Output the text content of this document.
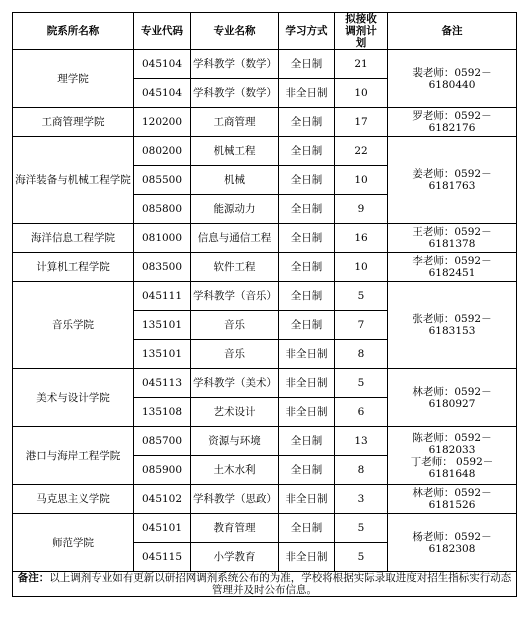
院系所名称	专业代码	专业名称	学习方式	拟接收调剂计划	备注
理学院	045104	学科教学（数学）	全日制	21	裴老师：0592－6180440

	045104	学科教学（数学）	非全日制	10	
工商管理学院	120200	工商管理	全日制	17	罗老师：0592－6182176

海洋装备与机械工程学院	080200	机械工程	全日制	22	姜老师：0592－6181763

	085500	机械	全日制	10	
	085800	能源动力	全日制	9	
海洋信息工程学院	081000	信息与通信工程	全日制	16	王老师：0592－6181378

计算机工程学院	083500	软件工程	全日制	10	李老师：0592－6182451

音乐学院	045111	学科教学（音乐）	全日制	5	张老师：0592－6183153

	135101	音乐	全日制	7	
	135101	音乐	非全日制	8	
美术与设计学院	045113	学科教学（美术）	非全日制	5	林老师：0592－6180927

	135108	艺术设计	非全日制	6	
港口与海岸工程学院	085700	资源与环境	全日制	13	陈老师：0592－6182033
丁老师： 0592－6181648

	085900	土木水利	全日制	8	
马克思主义学院	045102	学科教学（思政）	非全日制	3	林老师：0592－6181526

师范学院	045101	教育管理	全日制	5	杨老师：0592－6182308

	045115	小学教育	非全日制	5	
备注：以上调剂专业如有更新以研招网调剂系统公布的为准，学校将根据实际录取进度对招生指标实行动态管理并及时公布信息。					
